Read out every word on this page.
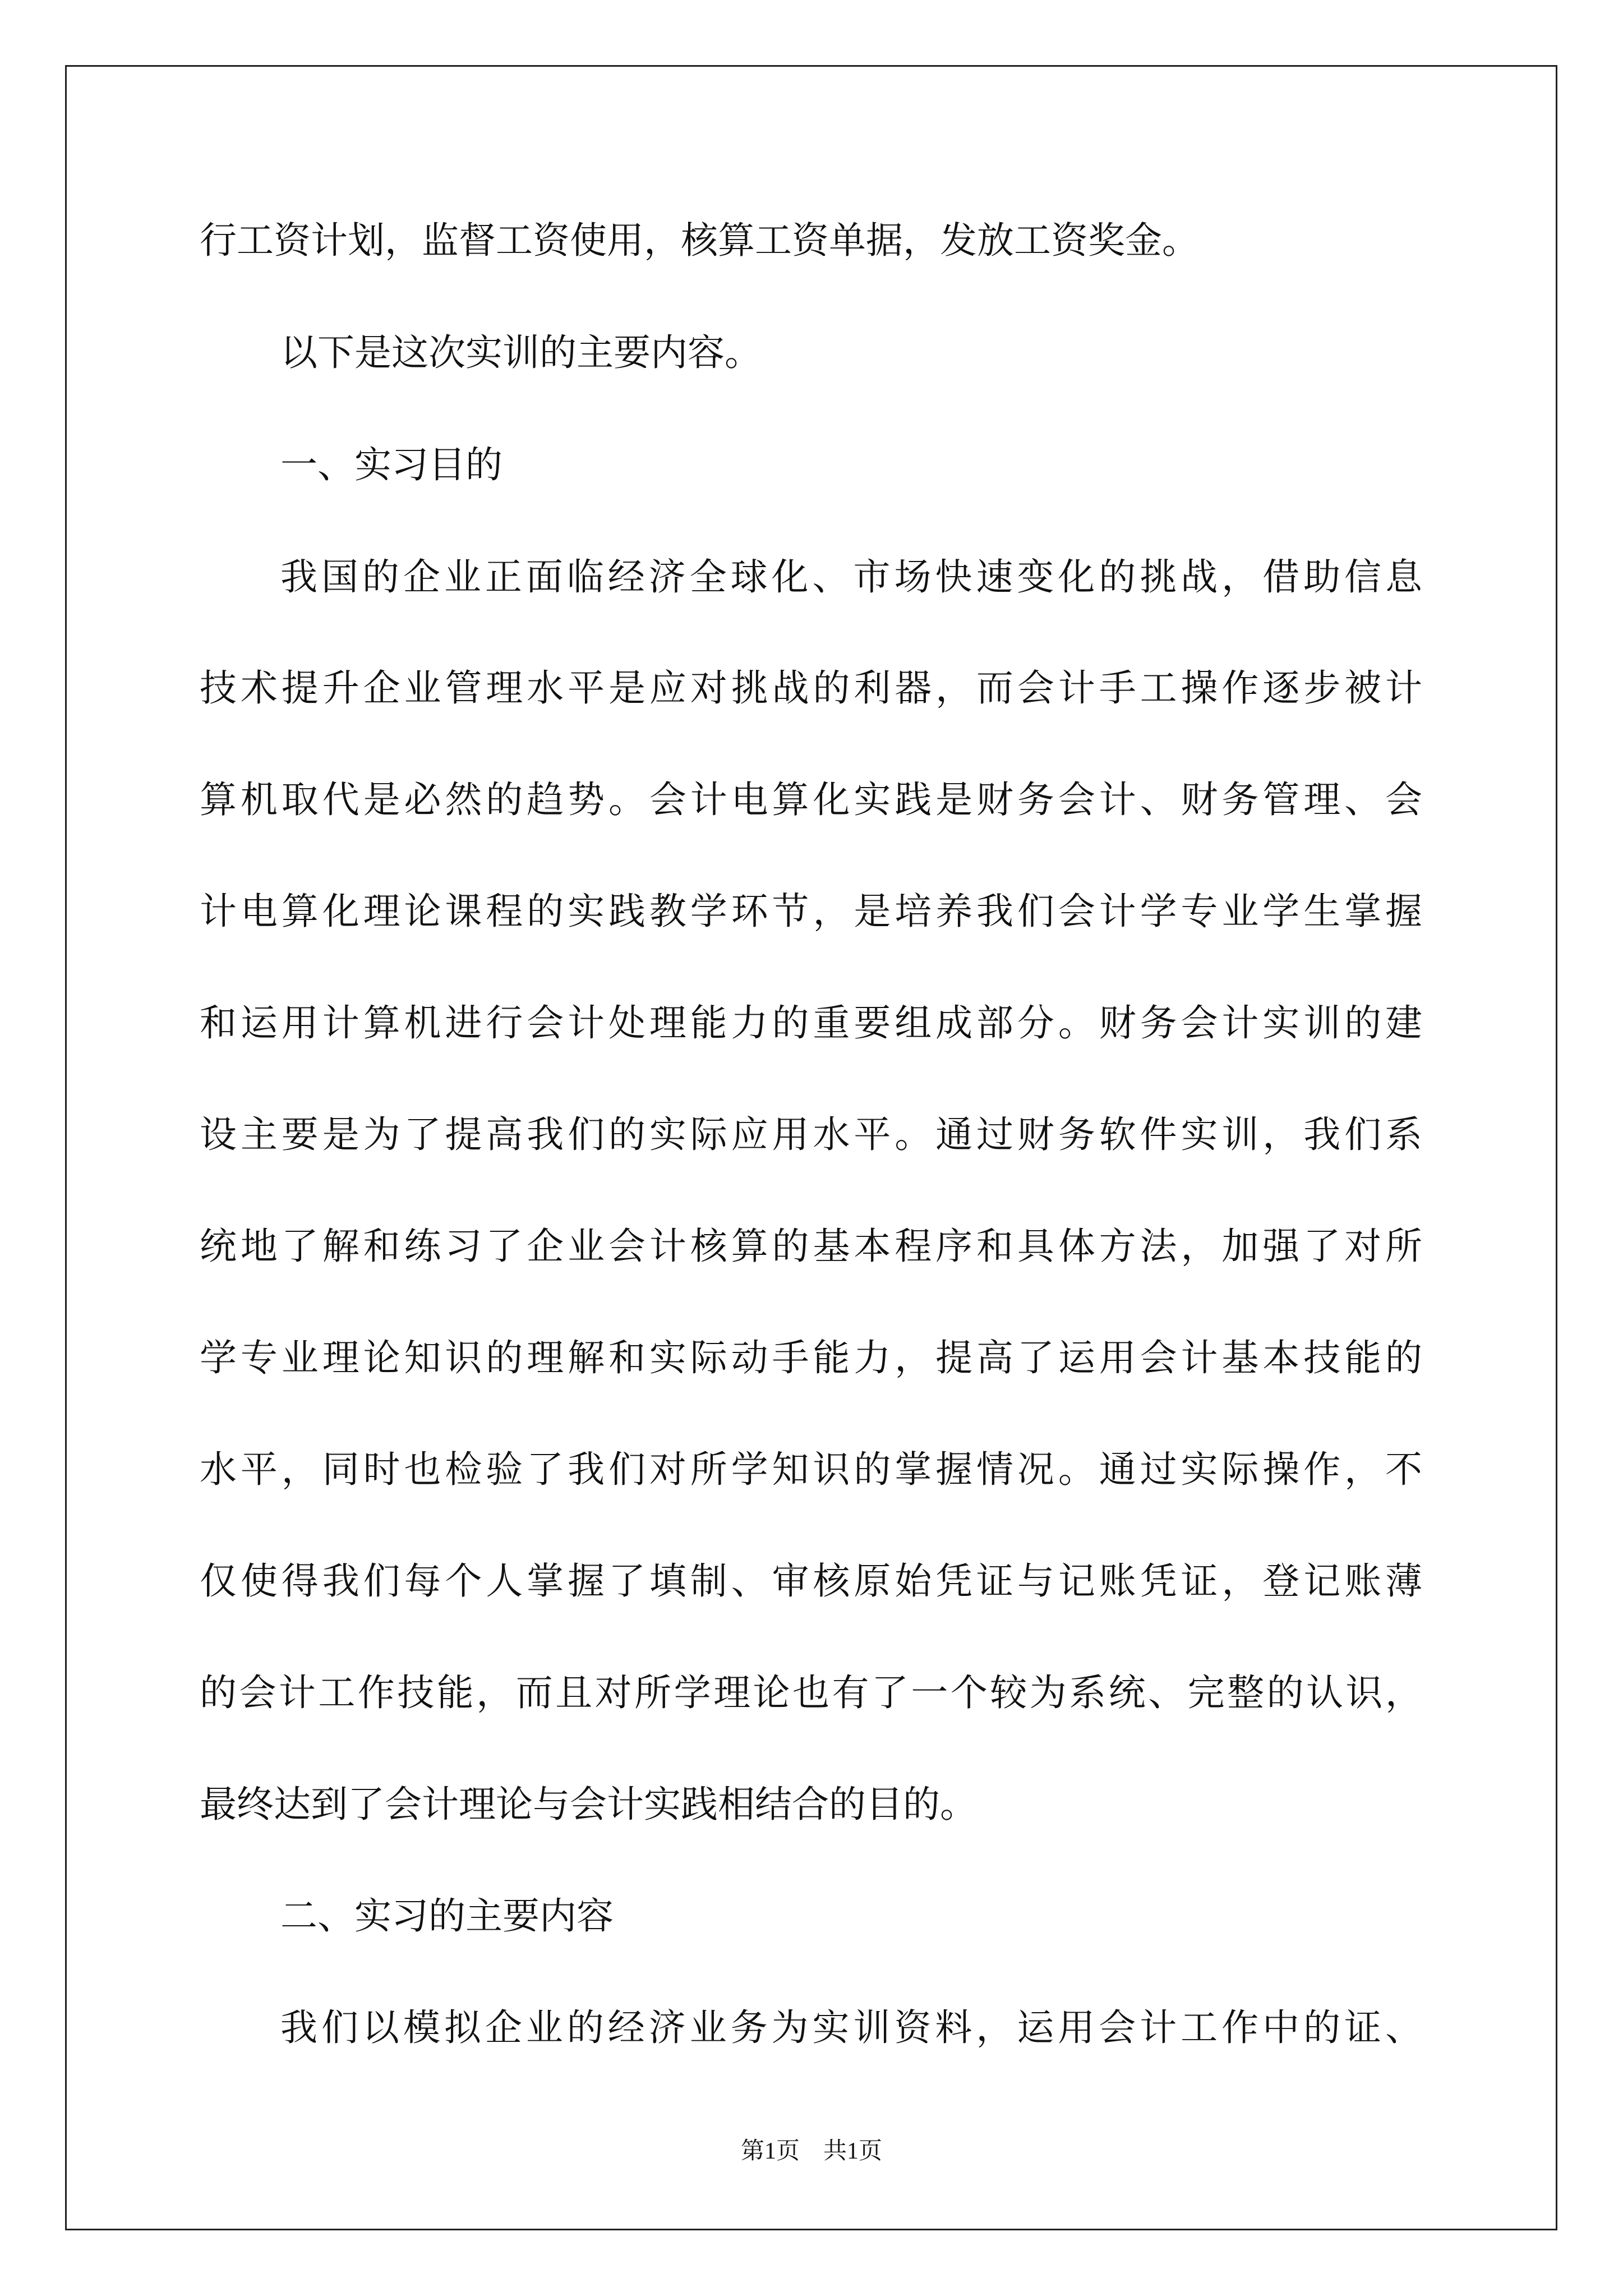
行工资计划，监督工资使用，核算工资单据，发放工资奖金。
以下是这次实训的主要内容。
一、实习目的
我国的企业正面临经济全球化、市场快速变化的挑战，借助信息
技术提升企业管理水平是应对挑战的利器，而会计手工操作逐步被计
算机取代是必然的趋势。会计电算化实践是财务会计、财务管理、会
计电算化理论课程的实践教学环节，是培养我们会计学专业学生掌握
和运用计算机进行会计处理能力的重要组成部分。财务会计实训的建
设主要是为了提高我们的实际应用水平。通过财务软件实训，我们系
统地了解和练习了企业会计核算的基本程序和具体方法，加强了对所
学专业理论知识的理解和实际动手能力，提高了运用会计基本技能的
水平，同时也检验了我们对所学知识的掌握情况。通过实际操作，不
仅使得我们每个人掌握了填制、审核原始凭证与记账凭证，登记账薄
的会计工作技能，而且对所学理论也有了一个较为系统、完整的认识，
最终达到了会计理论与会计实践相结合的目的。
二、实习的主要内容
我们以模拟企业的经济业务为实训资料，运用会计工作中的证、
第1页　共1页
